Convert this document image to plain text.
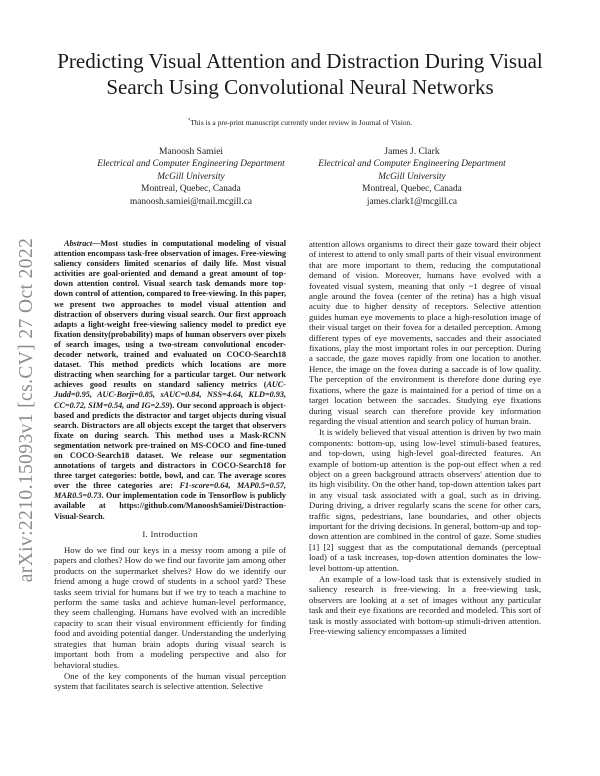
Predicting Visual Attention and Distraction During Visual Search Using Convolutional Neural Networks
*This is a pre-print manuscript currently under review in Journal of Vision.
Manoosh Samiei
Electrical and Computer Engineering Department
McGill University
Montreal, Quebec, Canada
manoosh.samiei@mail.mcgill.ca
James J. Clark
Electrical and Computer Engineering Department
McGill University
Montreal, Quebec, Canada
james.clark1@mcgill.ca
arXiv:2210.15093v1 [cs.CV] 27 Oct 2022	Abstract—Most studies in computational modeling of visual attention encompass task-free observation of images. Free-viewing saliency considers limited scenarios of daily life. Most visual activities are goal-oriented and demand a great amount of top-down attention control. Visual search task demands more top-down control of attention, compared to free-viewing. In this paper, we present two approaches to model visual attention and distraction of observers during visual search. Our first approach adapts a light-weight free-viewing saliency model to predict eye fixation density(probability) maps of human observers over pixels of search images, using a two-stream convolutional encoder-decoder network, trained and evaluated on COCO-Search18 dataset. This method predicts which locations are more distracting when searching for a particular target. Our network achieves good results on standard saliency metrics (AUC-Judd=0.95, AUC-Borji=0.85, sAUC=0.84, NSS=4.64, KLD=0.93, CC=0.72, SIM=0.54, and IG=2.59). Our second approach is object-based and predicts the distractor and target objects during visual search. Distractors are all objects except the target that observers fixate on during search. This method uses a Mask-RCNN segmentation network pre-trained on MS-COCO and fine-tuned on COCO-Search18 dataset. We release our segmentation annotations of targets and distractors in COCO-Search18 for three target categories: bottle, bowl, and car. The average scores over the three categories are: F1-score=0.64, MAP0.5=0.57, MAR0.5=0.73. Our implementation code in Tensorflow is publicly available at https://github.com/ManooshSamiei/Distraction-Visual-Search.

I. Introduction

How do we find our keys in a messy room among a pile of papers and clothes? How do we find our favorite jam among other products on the supermarket shelves? How do we identify our friend among a huge crowd of students in a school yard? These tasks seem trivial for humans but if we try to teach a machine to perform the same tasks and achieve human-level performance, they seem challenging. Humans have evolved with an incredible capacity to scan their visual environment efficiently for finding food and avoiding potential danger. Understanding the underlying strategies that human brain adopts during visual search is important both from a modeling perspective and also for behavioral studies.

One of the key components of the human visual perception system that facilitates search is selective attention. Selective

attention allows organisms to direct their gaze toward their object of interest to attend to only small parts of their visual environment that are more important to them, reducing the computational demand of vision. Moreover, humans have evolved with a foveated visual system, meaning that only ~1 degree of visual angle around the fovea (center of the retina) has a high visual acuity due to higher density of receptors. Selective attention guides human eye movements to place a high-resolution image of their visual target on their fovea for a detailed perception. Among different types of eye movements, saccades and their associated fixations, play the most important roles in our perception. During a saccade, the gaze moves rapidly from one location to another. Hence, the image on the fovea during a saccade is of low quality. The perception of the environment is therefore done during eye fixations, where the gaze is maintained for a period of time on a target location between the saccades. Studying eye fixations during visual search can therefore provide key information regarding the visual attention and search policy of human brain.

It is widely believed that visual attention is driven by two main components: bottom-up, using low-level stimuli-based features, and top-down, using high-level goal-directed features. An example of bottom-up attention is the pop-out effect when a red object on a green background attracts observers' attention due to its high visibility. On the other hand, top-down attention takes part in any visual task associated with a goal, such as in driving. During driving, a driver regularly scans the scene for other cars, traffic signs, pedestrians, lane boundaries, and other objects important for the driving decisions. In general, bottom-up and top-down attention are combined in the control of gaze. Some studies [1] [2] suggest that as the computational demands (perceptual load) of a task increases, top-down attention dominates the low-level bottom-up attention.

An example of a low-load task that is extensively studied in saliency research is free-viewing. In a free-viewing task, observers are looking at a set of images without any particular task and their eye fixations are recorded and modeled. This sort of task is mostly associated with bottom-up stimuli-driven attention. Free-viewing saliency encompasses a limited
